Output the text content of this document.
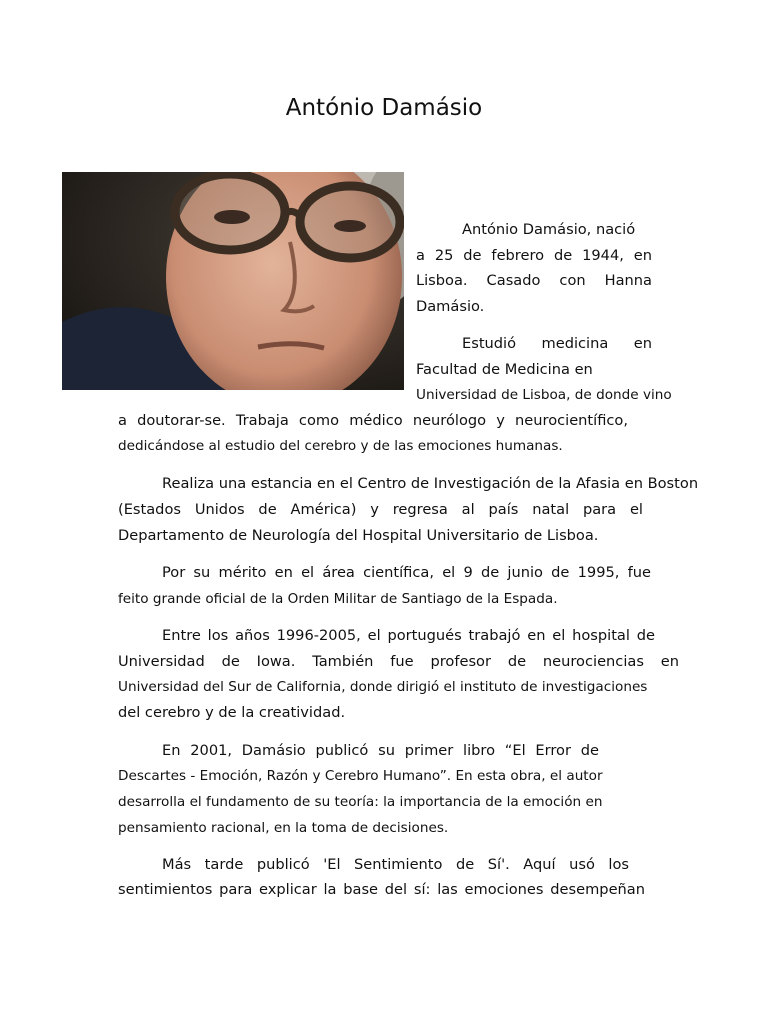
António Damásio

António Damásio, nació

a 25 de febrero de 1944, en

Lisboa. Casado con Hanna

Damásio.

Estudió medicina en

Facultad de Medicina en

Universidad de Lisboa, de donde vino

a doutorar-se. Trabaja como médico neurólogo y neurocientífico,

dedicándose al estudio del cerebro y de las emociones humanas.

Realiza una estancia en el Centro de Investigación de la Afasia en Boston

(Estados Unidos de América) y regresa al país natal para el

Departamento de Neurología del Hospital Universitario de Lisboa.

Por su mérito en el área científica, el 9 de junio de 1995, fue

feito grande oficial de la Orden Militar de Santiago de la Espada.

Entre los años 1996-2005, el portugués trabajó en el hospital de

Universidad de Iowa. También fue profesor de neurociencias en

Universidad del Sur de California, donde dirigió el instituto de investigaciones

del cerebro y de la creatividad.

En 2001, Damásio publicó su primer libro “El Error de

Descartes - Emoción, Razón y Cerebro Humano”. En esta obra, el autor

desarrolla el fundamento de su teoría: la importancia de la emoción en

pensamiento racional, en la toma de decisiones.

Más tarde publicó 'El Sentimiento de Sí'. Aquí usó los

sentimientos para explicar la base del sí: las emociones desempeñan
